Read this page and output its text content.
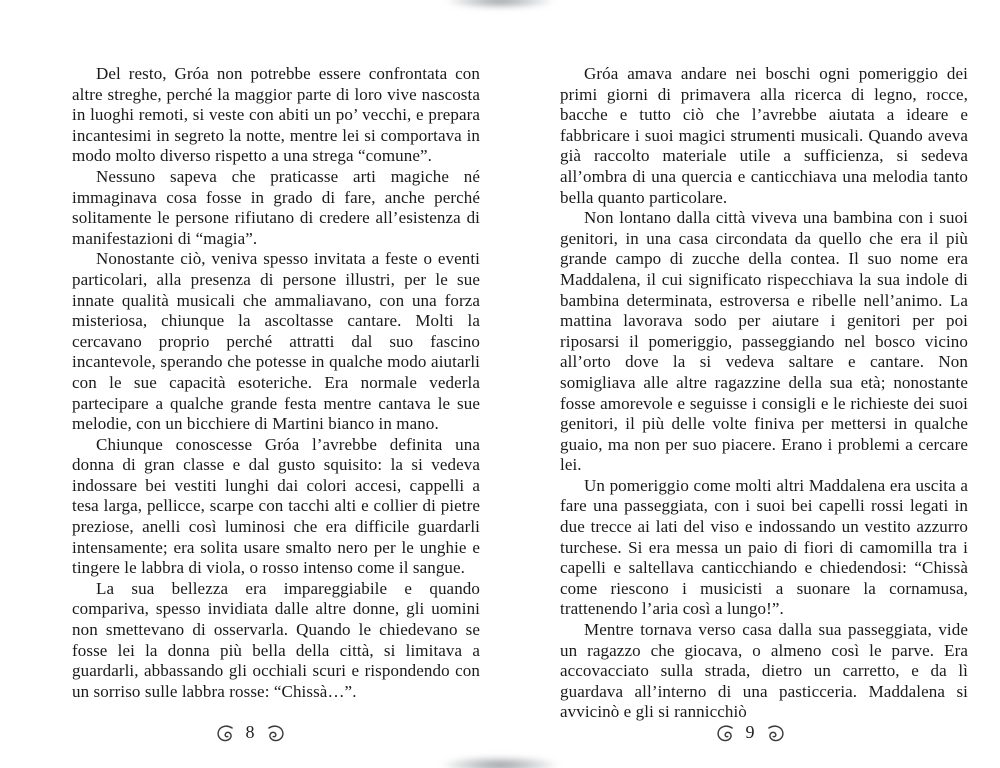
Del resto, Gróa non potrebbe essere confrontata con altre streghe, perché la maggior parte di loro vive nascosta in luoghi remoti, si veste con abiti un po’ vecchi, e prepara incantesimi in segreto la notte, mentre lei si comportava in modo molto diverso rispetto a una strega “comune”.

Nessuno sapeva che praticasse arti magiche né immaginava cosa fosse in grado di fare, anche perché solitamente le persone rifiutano di credere all’esistenza di manifestazioni di “magia”.

Nonostante ciò, veniva spesso invitata a feste o eventi particolari, alla presenza di persone illustri, per le sue innate qualità musicali che ammaliavano, con una forza misteriosa, chiunque la ascoltasse cantare. Molti la cercavano proprio perché attratti dal suo fascino incantevole, sperando che potesse in qualche modo aiutarli con le sue capacità esoteriche. Era normale vederla partecipare a qualche grande festa mentre cantava le sue melodie, con un bicchiere di Martini bianco in mano.

Chiunque conoscesse Gróa l’avrebbe definita una donna di gran classe e dal gusto squisito: la si vedeva indossare bei vestiti lunghi dai colori accesi, cappelli a tesa larga, pellicce, scarpe con tacchi alti e collier di pietre preziose, anelli così luminosi che era difficile guardarli intensamente; era solita usare smalto nero per le unghie e tingere le labbra di viola, o rosso intenso come il sangue.

La sua bellezza era impareggiabile e quando compariva, spesso invidiata dalle altre donne, gli uomini non smettevano di osservarla. Quando le chiedevano se fosse lei la donna più bella della città, si limitava a guardarli, abbassando gli occhiali scuri e rispondendo con un sorriso sulle labbra rosse: “Chissà…”.

8

Gróa amava andare nei boschi ogni pomeriggio dei primi giorni di primavera alla ricerca di legno, rocce, bacche e tutto ciò che l’avrebbe aiutata a ideare e fabbricare i suoi magici strumenti musicali. Quando aveva già raccolto materiale utile a sufficienza, si sedeva all’ombra di una quercia e canticchiava una melodia tanto bella quanto particolare.

Non lontano dalla città viveva una bambina con i suoi genitori, in una casa circondata da quello che era il più grande campo di zucche della contea. Il suo nome era Maddalena, il cui significato rispecchiava la sua indole di bambina determinata, estroversa e ribelle nell’animo. La mattina lavorava sodo per aiutare i genitori per poi riposarsi il pomeriggio, passeggiando nel bosco vicino all’orto dove la si vedeva saltare e cantare. Non somigliava alle altre ragazzine della sua età; nonostante fosse amorevole e seguisse i consigli e le richieste dei suoi genitori, il più delle volte finiva per mettersi in qualche guaio, ma non per suo piacere. Erano i problemi a cercare lei.

Un pomeriggio come molti altri Maddalena era uscita a fare una passeggiata, con i suoi bei capelli rossi legati in due trecce ai lati del viso e indossando un vestito azzurro turchese. Si era messa un paio di fiori di camomilla tra i capelli e saltellava canticchiando e chiedendosi: “Chissà come riescono i musicisti a suonare la cornamusa, trattenendo l’aria così a lungo!”.

Mentre tornava verso casa dalla sua passeggiata, vide un ragazzo che giocava, o almeno così le parve. Era accovacciato sulla strada, dietro un carretto, e da lì guardava all’interno di una pasticceria. Maddalena si avvicinò e gli si rannicchiò

9
